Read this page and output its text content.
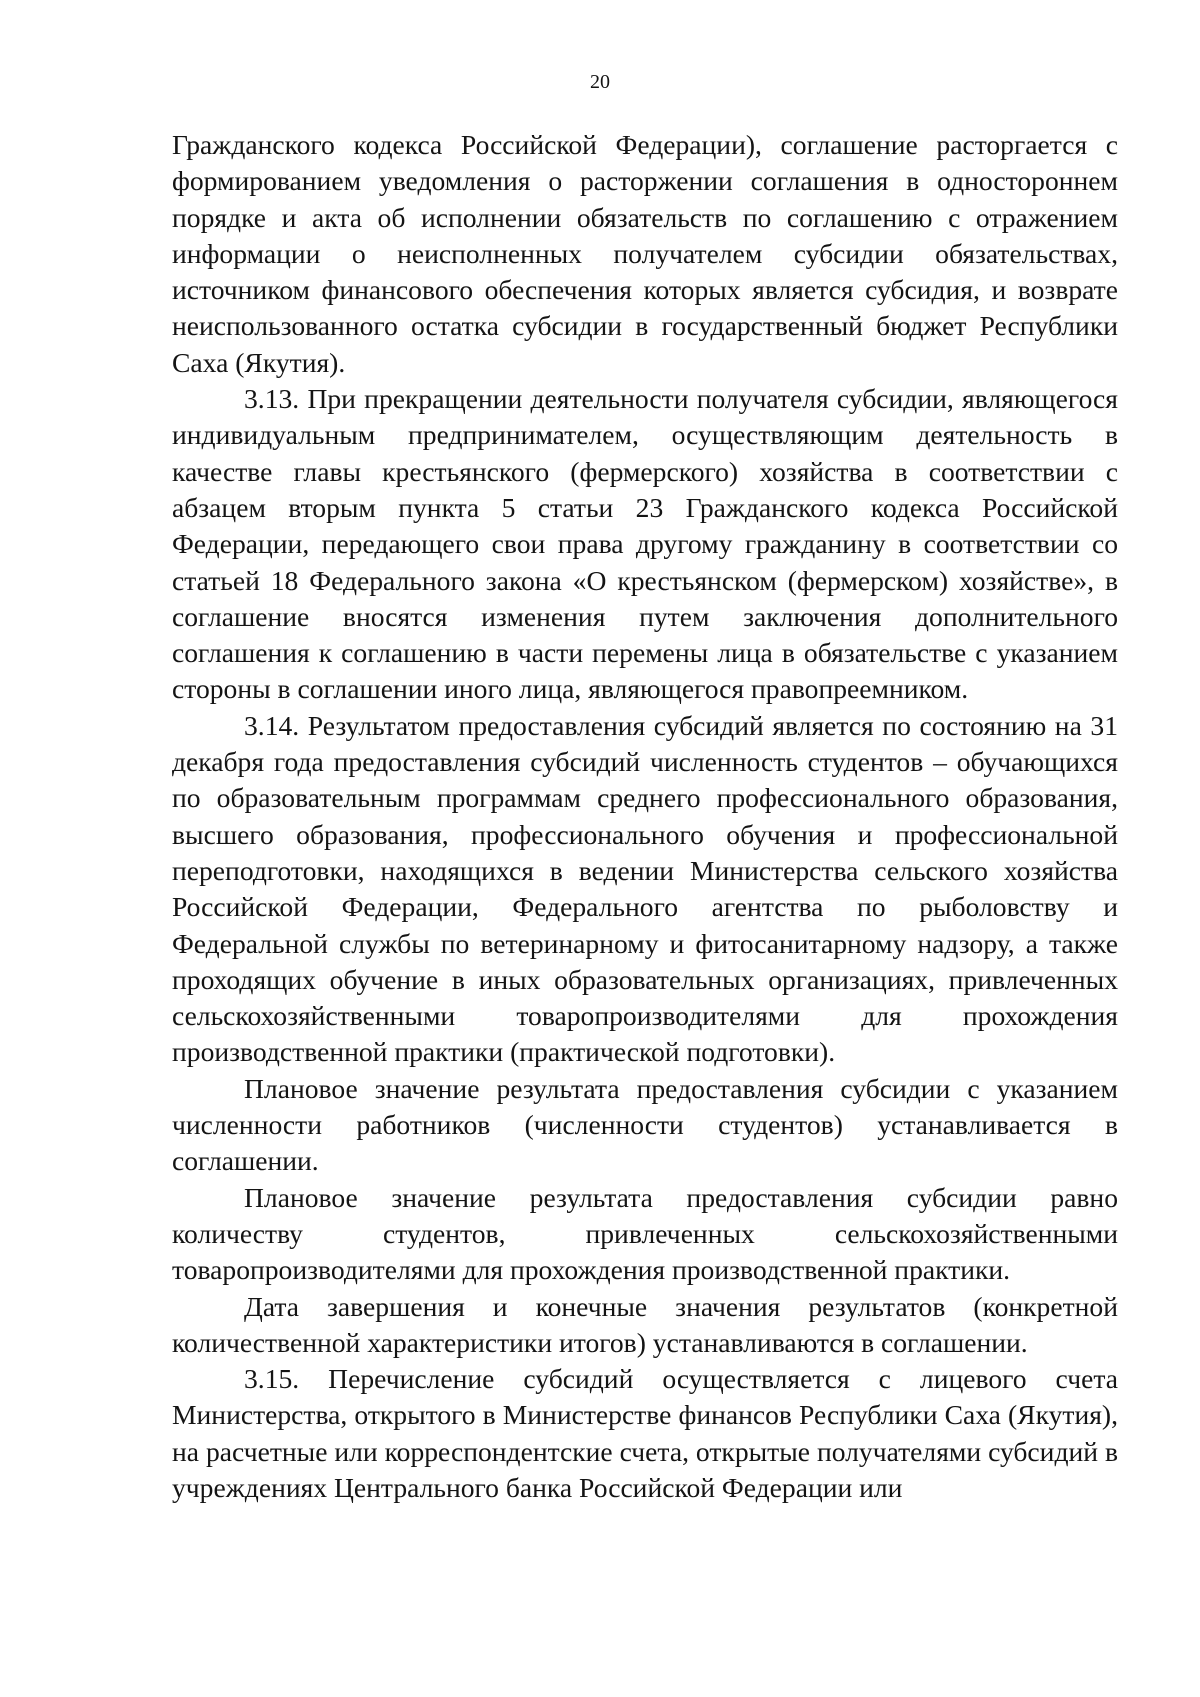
20

Гражданского кодекса Российской Федерации), соглашение расторгается с формированием уведомления о расторжении соглашения в одностороннем порядке и акта об исполнении обязательств по соглашению с отражением информации о неисполненных получателем субсидии обязательствах, источником финансового обеспечения которых является субсидия, и возврате неиспользованного остатка субсидии в государственный бюджет Республики Саха (Якутия).

3.13. При прекращении деятельности получателя субсидии, являющегося индивидуальным предпринимателем, осуществляющим деятельность в качестве главы крестьянского (фермерского) хозяйства в соответствии с абзацем вторым пункта 5 статьи 23 Гражданского кодекса Российской Федерации, передающего свои права другому гражданину в соответствии со статьей 18 Федерального закона «О крестьянском (фермерском) хозяйстве», в соглашение вносятся изменения путем заключения дополнительного соглашения к соглашению в части перемены лица в обязательстве с указанием стороны в соглашении иного лица, являющегося правопреемником.

3.14. Результатом предоставления субсидий является по состоянию на 31 декабря года предоставления субсидий численность студентов – обучающихся по образовательным программам среднего профессионального образования, высшего образования, профессионального обучения и профессиональной переподготовки, находящихся в ведении Министерства сельского хозяйства Российской Федерации, Федерального агентства по рыболовству и Федеральной службы по ветеринарному и фитосанитарному надзору, а также проходящих обучение в иных образовательных организациях, привлеченных сельскохозяйственными товаропроизводителями для прохождения производственной практики (практической подготовки).

Плановое значение результата предоставления субсидии с указанием численности работников (численности студентов) устанавливается в соглашении.

Плановое значение результата предоставления субсидии равно количеству студентов, привлеченных сельскохозяйственными товаропроизводителями для прохождения производственной практики.

Дата завершения и конечные значения результатов (конкретной количественной характеристики итогов) устанавливаются в соглашении.

3.15. Перечисление субсидий осуществляется с лицевого счета Министерства, открытого в Министерстве финансов Республики Саха (Якутия), на расчетные или корреспондентские счета, открытые получателями субсидий в учреждениях Центрального банка Российской Федерации или
